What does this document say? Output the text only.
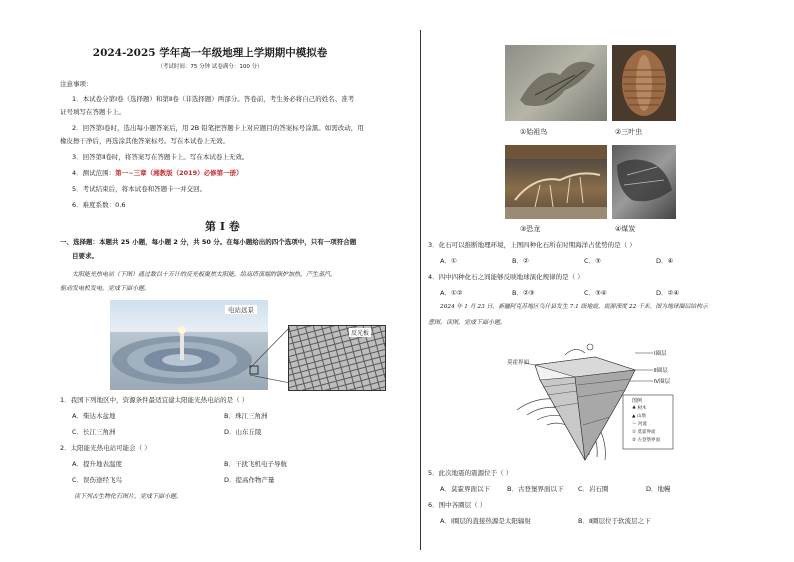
2024-2025 学年高一年级地理上学期期中模拟卷
（考试时间：75 分钟 试卷满分：100 分）
注意事项：
1．本试卷分第Ⅰ卷（选择题）和第Ⅱ卷（非选择题）两部分。答卷前，考生务必将自己的姓名、准考
证号填写在答题卡上。
2．回答第Ⅰ卷时，选出每小题答案后，用 2B 铅笔把答题卡上对应题目的答案标号涂黑。如需改动，用
橡皮擦干净后，再选涂其他答案标号。写在本试卷上无效。
3．回答第Ⅱ卷时，将答案写在答题卡上。写在本试卷上无效。
4．测试范围：第一~三章（湘教版（2019）必修第一册）
5．考试结束后，将本试卷和答题卡一并交回。
6．难度系数：0.6
第 Ⅰ 卷
一、选择题：本题共 25 小题，每小题 2 分，共 50 分。在每小题给出的四个选项中，只有一项符合题
目要求。
太阳能光热电站（下图）通过数以十万计的反光板聚焦太阳能，给高塔顶端的锅炉加热，产生蒸汽，
驱动发电机发电。完成下面小题。
电站远景
反光板
1．我国下列地区中，资源条件最适宜建太阳能光热电站的是（ ）
A．柴达木盆地	B．珠江三角洲
C．长江三角洲	D．山东丘陵
2．太阳能光热电站可能会（ ）
A．提升地表温度	B．干扰飞机电子导航
C．误伤途经飞鸟	D．提高作物产量
读下列古生物化石图片，完成下面小题。
①始祖鸟	②三叶虫
③恐龙	④煤炭
3．化石可以推断地理环境，上图四种化石所在时期海洋占优势的是（ ）
A．①	B．②	C．③	D．④
4．四中四种化石之间能够反映地球演化规律的是（ ）
A．①②	B．②③	C．③④	D．②④
2024 年 1 月 23 日，新疆阿克苏地区乌什县发生 7.1 级地震，震源深度 22 千米。图为地球圈层结构示
意图。读图，完成下面小题。
莫霍界面
Ⅰ圈层
Ⅱ圈层
Ⅳ圈层
图例
♣ 树木
▲ 山地
～ 河流
① 莫霍界面
② 古登堡界面
5．此次地震的震源位于（ ）
A．莫霍界面以下	B．古登堡界面以下 C．岩石圈	D．地幔
6．图中各圈层（ ）
A．Ⅰ圈层的直接热源是太阳辐射	B．Ⅱ圈层位于软流层之下
